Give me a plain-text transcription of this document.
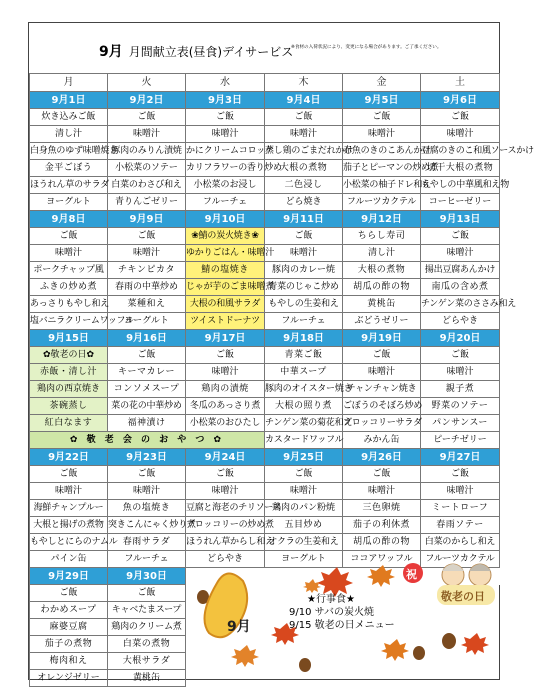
9月 月間献立表(昼食)デイサービス
※食材の入荷状況により、変更になる場合があります。ご了承ください。
月	火	水	木	金	土
9月1日	9月2日	9月3日	9月4日	9月5日	9月6日
炊き込みご飯	ご飯	ご飯	ご飯	ご飯	ご飯
清し汁	味噌汁	味噌汁	味噌汁	味噌汁	味噌汁
白身魚のゆず味噌焼き	豚肉のみりん漬焼	かにクリームコロッケ	蒸し鶏のごまだれかけ	赤魚のきのこあんかけ	豆腐のきのこ和風ソースかけ
金平ごぼう	小松菜のソテー	カリフラワーの香り炒め	大根の煮物	茄子とピーマンの炒め煮	切干大根の煮物
ほうれん草のサラダ	白菜のわさび和え	小松菜のお浸し	二色浸し	小松菜の柚子ドレ和え	もやしの中華風和え物
ヨーグルト	青りんごゼリー	フルーチェ	どら焼き	フルーツカクテル	コーヒーゼリー
9月8日	9月9日	9月10日	9月11日	9月12日	9月13日
ご飯	ご飯	❀鯖の炭火焼き❀	ご飯	ちらし寿司	ご飯
味噌汁	味噌汁	ゆかりごはん・味噌汁	味噌汁	清し汁	味噌汁
ポークチャップ風	チキンピカタ	鯖の塩焼き	豚肉のカレー焼	大根の煮物	揚出豆腐あんかけ
ふきの炒め煮	春雨の中華炒め	じゃが芋のごま味噌煮	青菜のじゃこ炒め	胡瓜の酢の物	南瓜の含め煮
あっさりもやし和え	菜種和え	大根の和風サラダ	もやしの生姜和え	黄桃缶	チンゲン菜のささみ和え
塩バニラクリームワッフル	ヨーグルト	ツイストドーナツ	フルーチェ	ぶどうゼリー	どらやき
9月15日	9月16日	9月17日	9月18日	9月19日	9月20日
✿敬老の日✿	ご飯	ご飯	青菜ご飯	ご飯	ご飯
赤飯・清し汁	キーマカレー	味噌汁	中華スープ	味噌汁	味噌汁
鶏肉の西京焼き	コンソメスープ	鶏肉の漬焼	豚肉のオイスター焼き	チャンチャン焼き	親子煮
茶碗蒸し	菜の花の中華炒め	冬瓜のあっさり煮	大根の照り煮	ごぼうのそぼろ炒め	野菜のソテー
紅白なます	福神漬け	小松菜のおひたし	チンゲン菜の菊花和え	ブロッコリーサラダ	パンサンスー
✿ 敬 老 会 の お や つ ✿			カスタードワッフル	みかん缶	ピーチゼリー
9月22日	9月23日	9月24日	9月25日	9月26日	9月27日
ご飯	ご飯	ご飯	ご飯	ご飯	ご飯
味噌汁	味噌汁	味噌汁	味噌汁	味噌汁	味噌汁
海鮮チャンプルー	魚の塩焼き	豆腐と海老のチリソース	鶏肉のパン粉焼	三色卵焼	ミートローフ
大根と揚げの煮物	突きこんにゃく炒り煮	ブロッコリーの炒め煮	五目炒め	茄子の利休煮	春雨ソテー
もやしとにらのナムル	春雨サラダ	ほうれん草からし和え	オクラの生姜和え	胡瓜の酢の物	白菜のからし和え
パイン缶	フルーチェ	どらやき	ヨーグルト	ココアワッフル	フルーツカクテル
9月29日	9月30日				
ご飯	ご飯				
わかめスープ	キャベたまスープ				
麻婆豆腐	鶏肉のクリーム煮				
茄子の煮物	白菜の煮物				
梅肉和え	大根サラダ				
オレンジゼリー	黄桃缶				
9月
祝
敬老の日
★行事食★
9/10 サバの炭火焼
9/15 敬老の日メニュー
